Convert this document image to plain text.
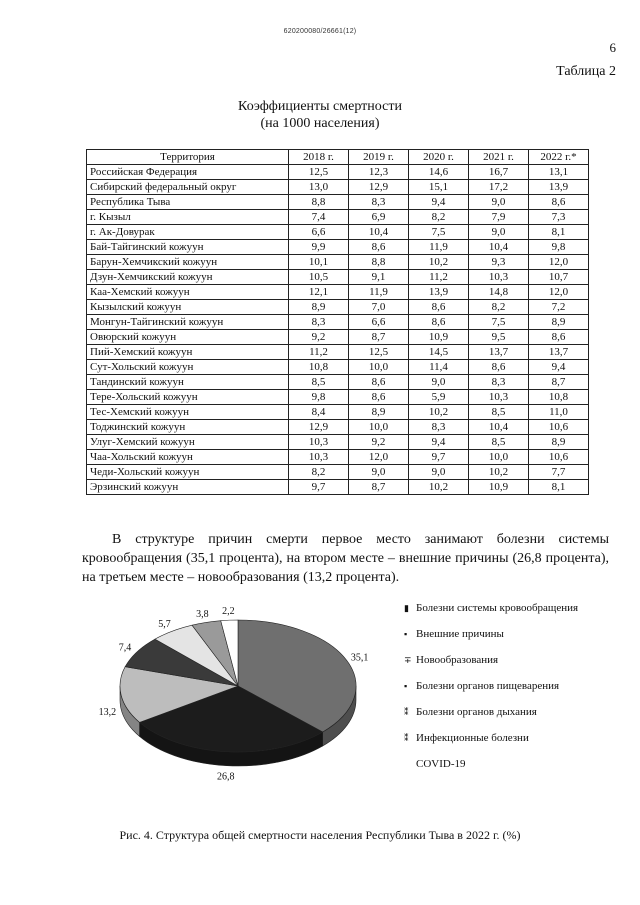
620200080/26661(12)
6
Таблица 2
Коэффициенты смертности
(на 1000 населения)
Территория	2018 г.	2019 г.	2020 г.	2021 г.	2022 г.*
Российская Федерация	12,5	12,3	14,6	16,7	13,1
Сибирский федеральный округ	13,0	12,9	15,1	17,2	13,9
Республика Тыва	8,8	8,3	9,4	9,0	8,6
г. Кызыл	7,4	6,9	8,2	7,9	7,3
г. Ак-Довурак	6,6	10,4	7,5	9,0	8,1
Бай-Тайгинский кожуун	9,9	8,6	11,9	10,4	9,8
Барун-Хемчикский кожуун	10,1	8,8	10,2	9,3	12,0
Дзун-Хемчикский кожуун	10,5	9,1	11,2	10,3	10,7
Каа-Хемский кожуун	12,1	11,9	13,9	14,8	12,0
Кызылский кожуун	8,9	7,0	8,6	8,2	7,2
Монгун-Тайгинский кожуун	8,3	6,6	8,6	7,5	8,9
Овюрский кожуун	9,2	8,7	10,9	9,5	8,6
Пий-Хемский кожуун	11,2	12,5	14,5	13,7	13,7
Сут-Хольский кожуун	10,8	10,0	11,4	8,6	9,4
Тандинский кожуун	8,5	8,6	9,0	8,3	8,7
Тере-Хольский кожуун	9,8	8,6	5,9	10,3	10,8
Тес-Хемский кожуун	8,4	8,9	10,2	8,5	11,0
Тоджинский кожуун	12,9	10,0	8,3	10,4	10,6
Улуг-Хемский кожуун	10,3	9,2	9,4	8,5	8,9
Чаа-Хольский кожуун	10,3	12,0	9,7	10,0	10,6
Чеди-Хольский кожуун	8,2	9,0	9,0	10,2	7,7
Эрзинский кожуун	9,7	8,7	10,2	10,9	8,1
В структуре причин смерти первое место занимают болезни системы кровообращения (35,1 процента), на втором месте – внешние причины (26,8 процента), на третьем месте – новообразования (13,2 процента).
35,1
26,8
13,2
7,4
5,7
3,8 2,2	▮ Болезни системы кровообращения
▪ Внешние причины
∓ Новообразования
▪ Болезни органов пищеварения
⁑ Болезни органов дыхания
⁑ Инфекционные болезни
COVID-19
Рис. 4. Структура общей смертности населения Республики Тыва в 2022 г. (%)
